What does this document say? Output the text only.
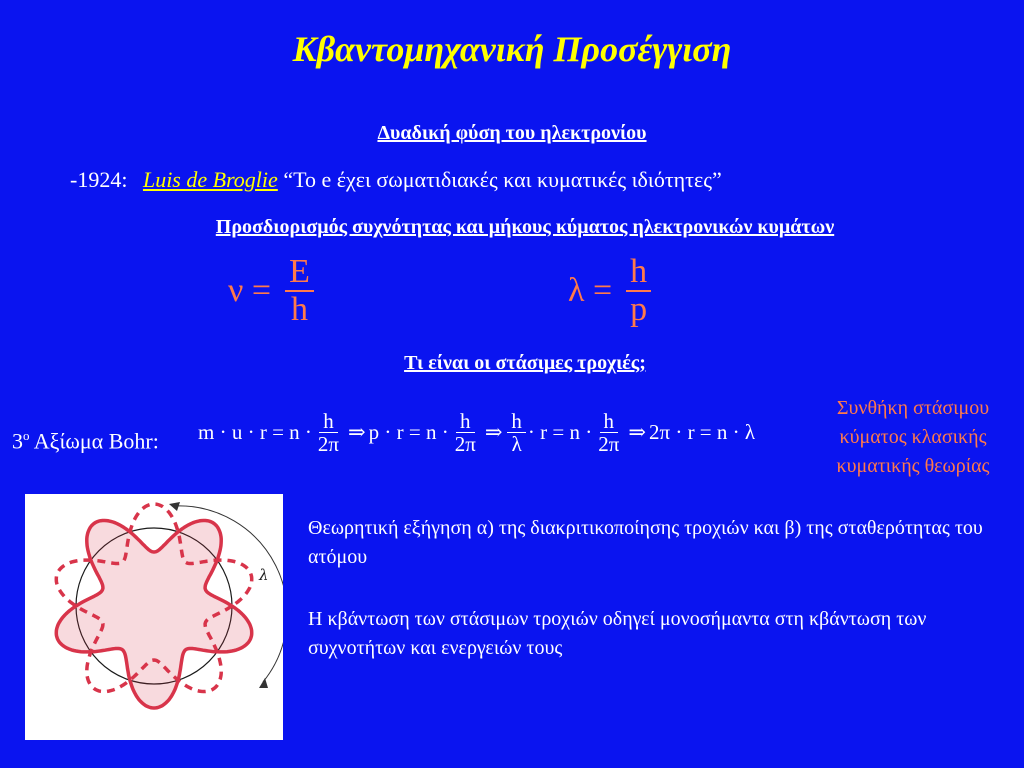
Κβαντομηχανική Προσέγγιση
Δυαδική φύση του ηλεκτρονίου
-1924: Luis de Broglie “Το e έχει σωματιδιακές και κυματικές ιδιότητες”
Προσδιορισμός συχνότητας και μήκους κύματος ηλεκτρονικών κυμάτων
$\nu = \frac{E}{h}$	$\lambda = \frac{h}{p}$
Τι είναι οι στάσιμες τροχιές;
$3^o$ Αξίωμα Bohr: $m \cdot u \cdot r = n \cdot \frac{h}{2\pi}$ ⇒ $p \cdot r = n \cdot \frac{h}{2\pi}$ ⇒ $\frac{h}{\lambda} \cdot r = n \cdot \frac{h}{2\pi}$ ⇒ 2π · r = n · λ
Συνθήκη στάσιμου
κύματος κλασικής
κυματικής θεωρίας
λ
Θεωρητική εξήγηση α) της διακριτικοποίησης τροχιών και β) της σταθερότητας του ατόμου
Η κβάντωση των στάσιμων τροχιών οδηγεί μονοσήμαντα στη κβάντωση των συχνοτήτων και ενεργειών τους
